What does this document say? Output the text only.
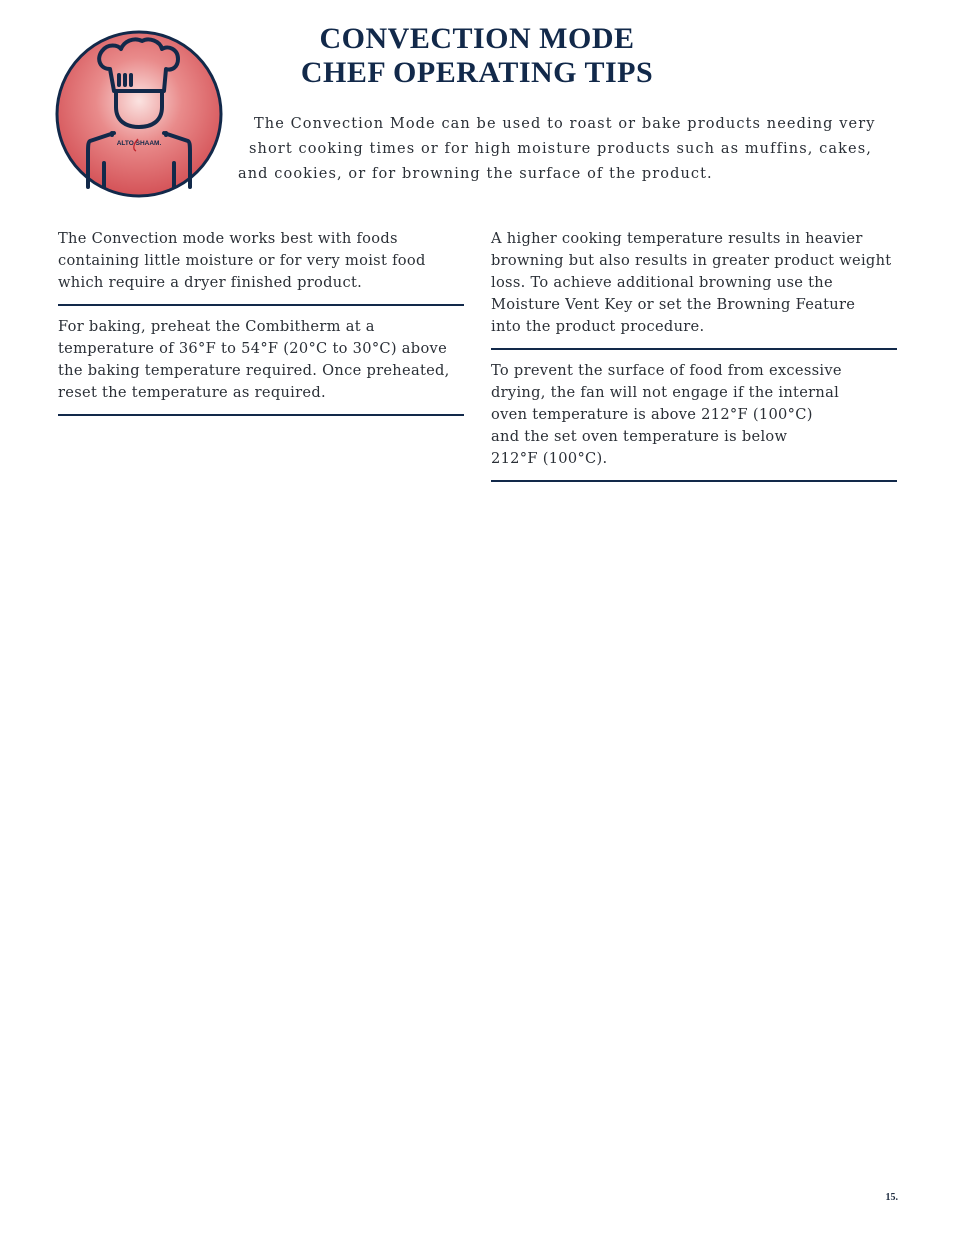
ALTO SHAAM.
CONVECTION MODE
CHEF OPERATING TIPS

The Convection Mode can be used to roast or bake products needing very
short cooking times or for high moisture products such as muffins, cakes,
and cookies, or for browning the surface of the product.

The Convection mode works best with foods
containing little moisture or for very moist food
which require a dryer finished product.

For baking, preheat the Combitherm at a
temperature of 36°F to 54°F (20°C to 30°C) above
the baking temperature required. Once preheated,
reset the temperature as required.

A higher cooking temperature results in heavier
browning but also results in greater product weight
loss. To achieve additional browning use the
Moisture Vent Key or set the Browning Feature
into the product procedure.

To prevent the surface of food from excessive
drying, the fan will not engage if the internal
oven temperature is above 212°F (100°C)
and the set oven temperature is below
212°F (100°C).

15.
